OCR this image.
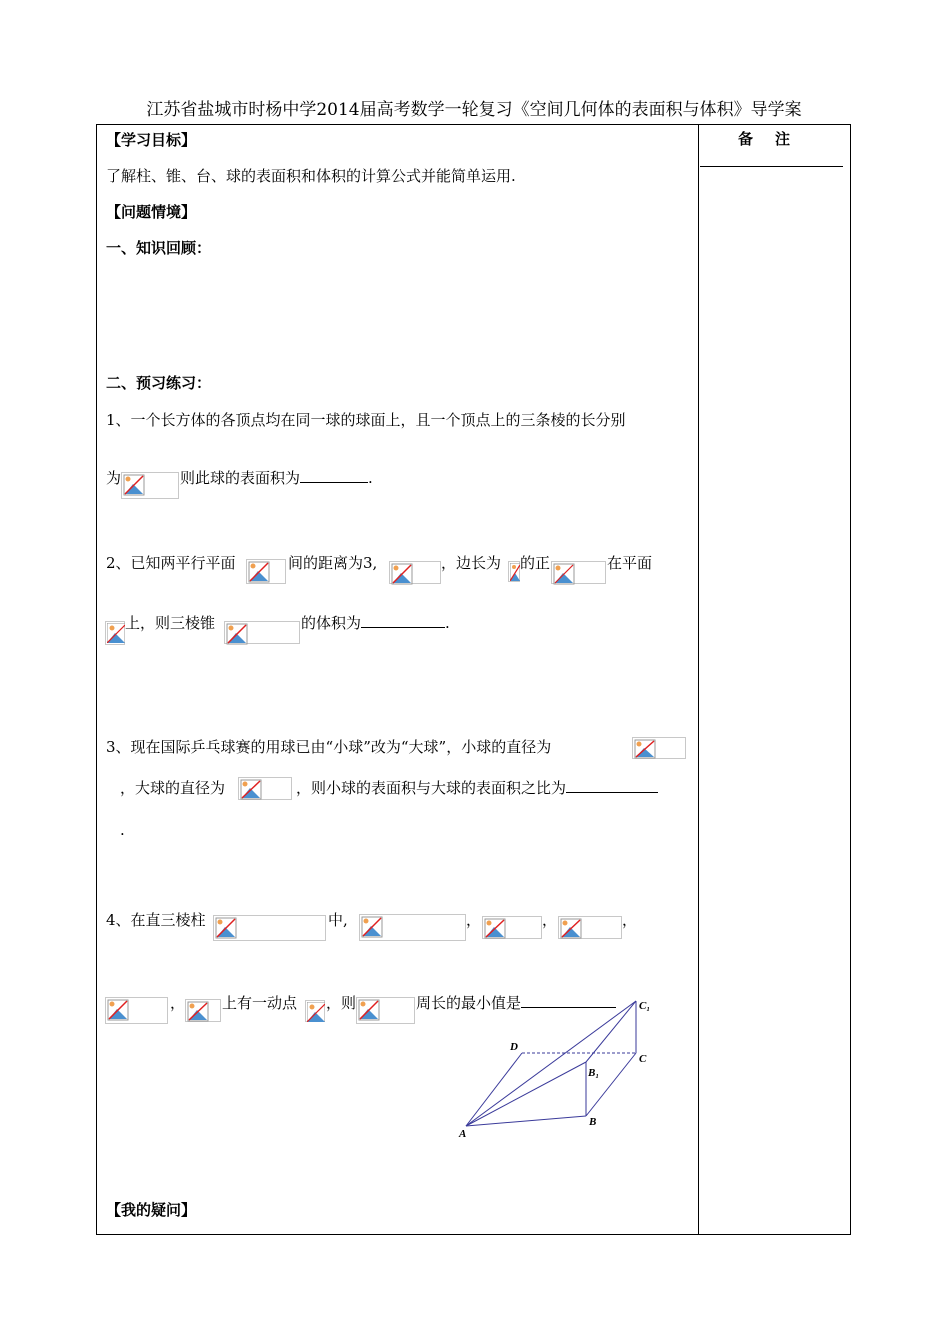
江苏省盐城市时杨中学2014届高考数学一轮复习《空间几何体的表面积与体积》导学案
备注
【学习目标】
了解柱、锥、台、球的表面积和体积的计算公式并能简单运用.
【问题情境】
一、知识回顾：
二、预习练习：
1、一个长方体的各顶点均在同一球的球面上，且一个顶点上的三条棱的长分别
为	则此球的表面积为	.
2、已知两平行平面	间的距离为3,	，边长为 的正	在平面
上，则三棱锥	的体积为	.
3、现在国际乒乓球赛的用球已由“小球”改为“大球”，小球的直径为
，大球的直径为	，则小球的表面积与大球的表面积之比为
.
4、在直三棱柱	中,	，	，	，
， 上有一动点 ，则	周长的最小值是
A
B
C
D
B₁
C₁
【我的疑问】
